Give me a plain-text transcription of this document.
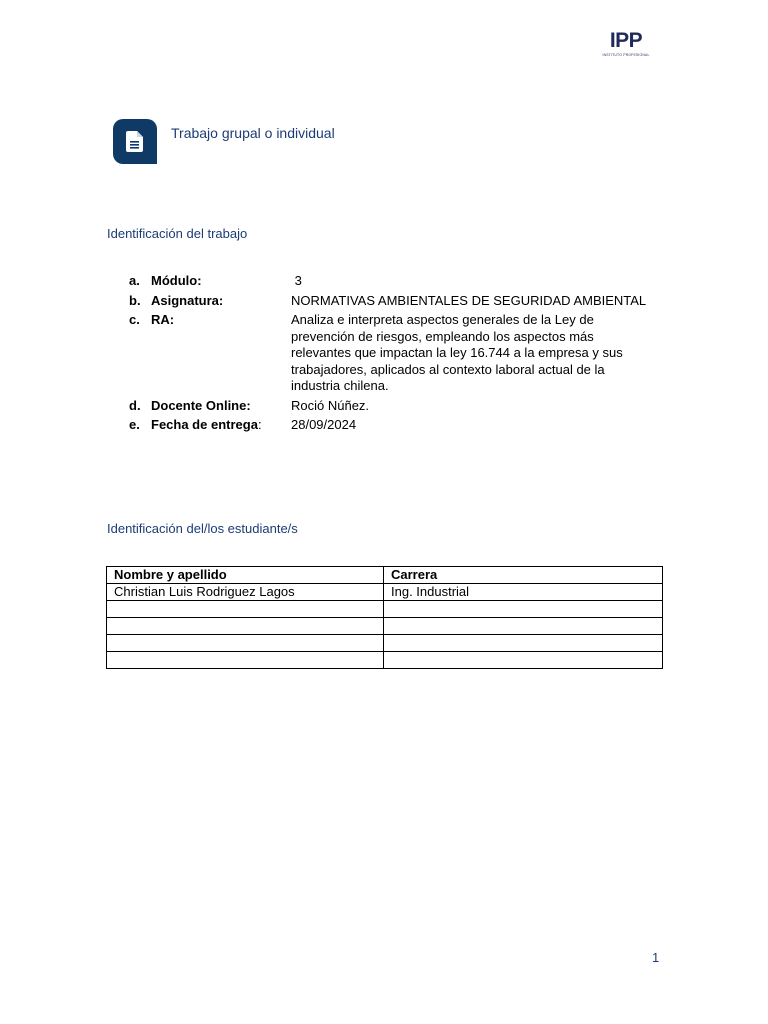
IPP
INSTITUTO PROFESIONAL
Trabajo grupal o individual
Identificación del trabajo
a. Módulo:	3
b. Asignatura:	NORMATIVAS AMBIENTALES DE SEGURIDAD AMBIENTAL
c. RA:	Analiza e interpreta aspectos generales de la Ley de prevención de riesgos, empleando los aspectos más relevantes que impactan la ley 16.744 a la empresa y sus trabajadores, aplicados al contexto laboral actual de la industria chilena.
d. Docente Online:	Roció Núñez.
e. Fecha de entrega:	28/09/2024
Identificación del/los estudiante/s
Nombre y apellido	Carrera
Christian Luis Rodriguez Lagos	Ing. Industrial

1
